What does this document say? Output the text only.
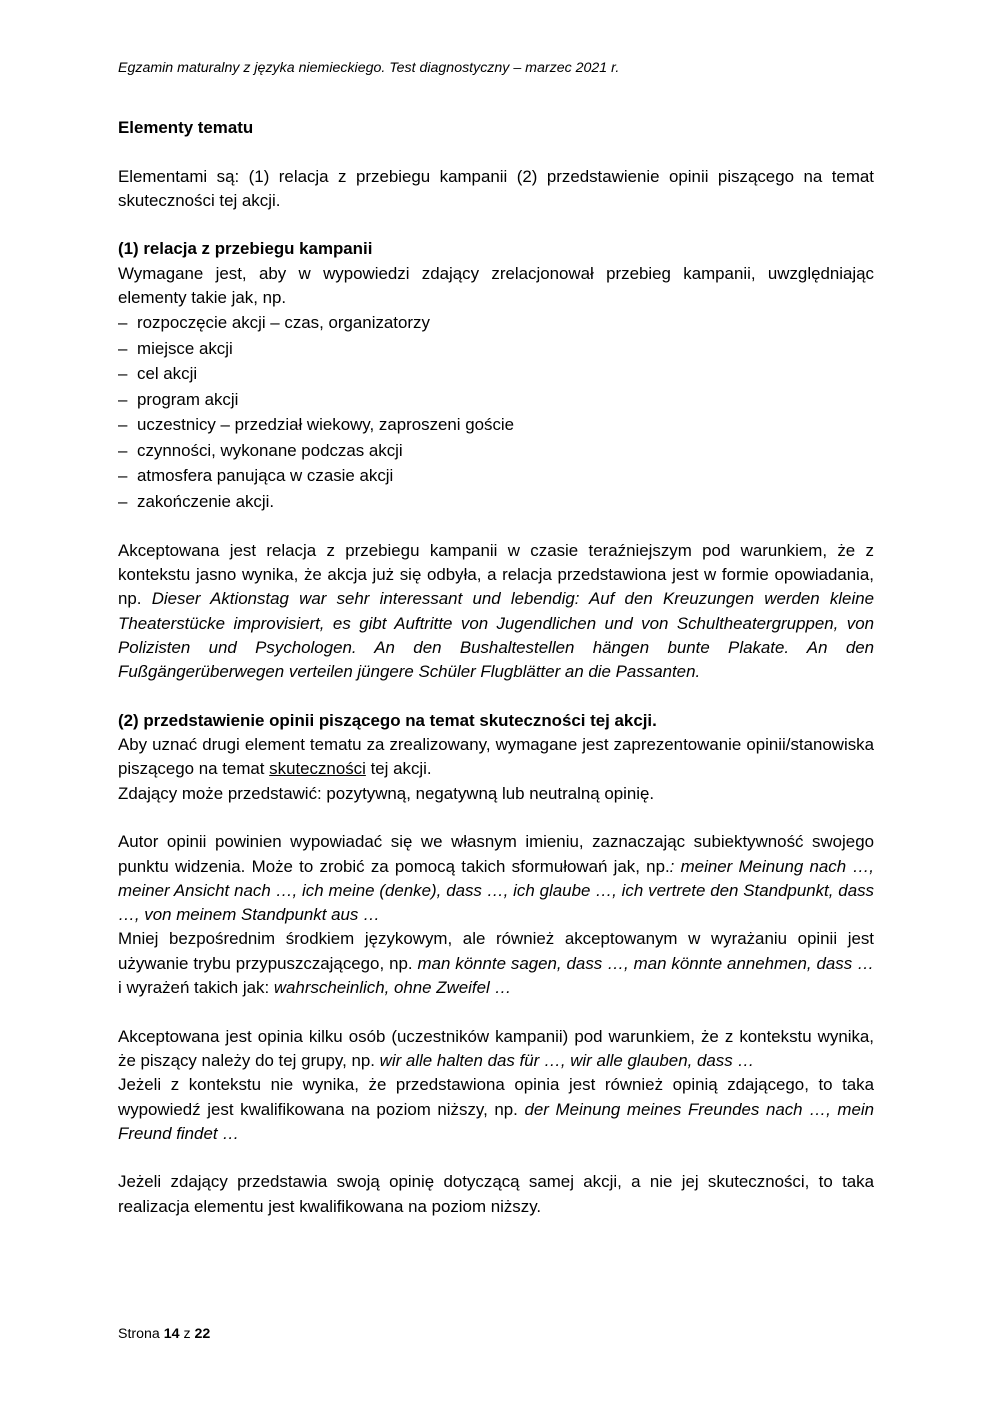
Egzamin maturalny z języka niemieckiego. Test diagnostyczny – marzec 2021 r.

Elementy tematu

Elementami są: (1) relacja z przebiegu kampanii (2) przedstawienie opinii piszącego na temat skuteczności tej akcji.

(1) relacja z przebiegu kampanii

Wymagane jest, aby w wypowiedzi zdający zrelacjonował przebieg kampanii, uwzględniając elementy takie jak, np.

– rozpoczęcie akcji – czas, organizatorzy
– miejsce akcji
– cel akcji
– program akcji
– uczestnicy – przedział wiekowy, zaproszeni goście
– czynności, wykonane podczas akcji
– atmosfera panująca w czasie akcji
– zakończenie akcji.

Akceptowana jest relacja z przebiegu kampanii w czasie teraźniejszym pod warunkiem, że z kontekstu jasno wynika, że akcja już się odbyła, a relacja przedstawiona jest w formie opowiadania, np. Dieser Aktionstag war sehr interessant und lebendig: Auf den Kreuzungen werden kleine Theaterstücke improvisiert, es gibt Auftritte von Jugendlichen und von Schultheatergruppen, von Polizisten und Psychologen. An den Bushaltestellen hängen bunte Plakate. An den Fußgängerüberwegen verteilen jüngere Schüler Flugblätter an die Passanten.

(2) przedstawienie opinii piszącego na temat skuteczności tej akcji.

Aby uznać drugi element tematu za zrealizowany, wymagane jest zaprezentowanie opinii/stanowiska piszącego na temat skuteczności tej akcji.

Zdający może przedstawić: pozytywną, negatywną lub neutralną opinię.

Autor opinii powinien wypowiadać się we własnym imieniu, zaznaczając subiektywność swojego punktu widzenia. Może to zrobić za pomocą takich sformułowań jak, np.: meiner Meinung nach …, meiner Ansicht nach …, ich meine (denke), dass …, ich glaube …, ich vertrete den Standpunkt, dass …, von meinem Standpunkt aus …

Mniej bezpośrednim środkiem językowym, ale również akceptowanym w wyrażaniu opinii jest używanie trybu przypuszczającego, np. man könnte sagen, dass …, man könnte annehmen, dass … i wyrażeń takich jak: wahrscheinlich, ohne Zweifel …

Akceptowana jest opinia kilku osób (uczestników kampanii) pod warunkiem, że z kontekstu wynika, że piszący należy do tej grupy, np. wir alle halten das für …, wir alle glauben, dass …

Jeżeli z kontekstu nie wynika, że przedstawiona opinia jest również opinią zdającego, to taka wypowiedź jest kwalifikowana na poziom niższy, np. der Meinung meines Freundes nach …, mein Freund findet …

Jeżeli zdający przedstawia swoją opinię dotyczącą samej akcji, a nie jej skuteczności, to taka realizacja elementu jest kwalifikowana na poziom niższy.

Strona 14 z 22
